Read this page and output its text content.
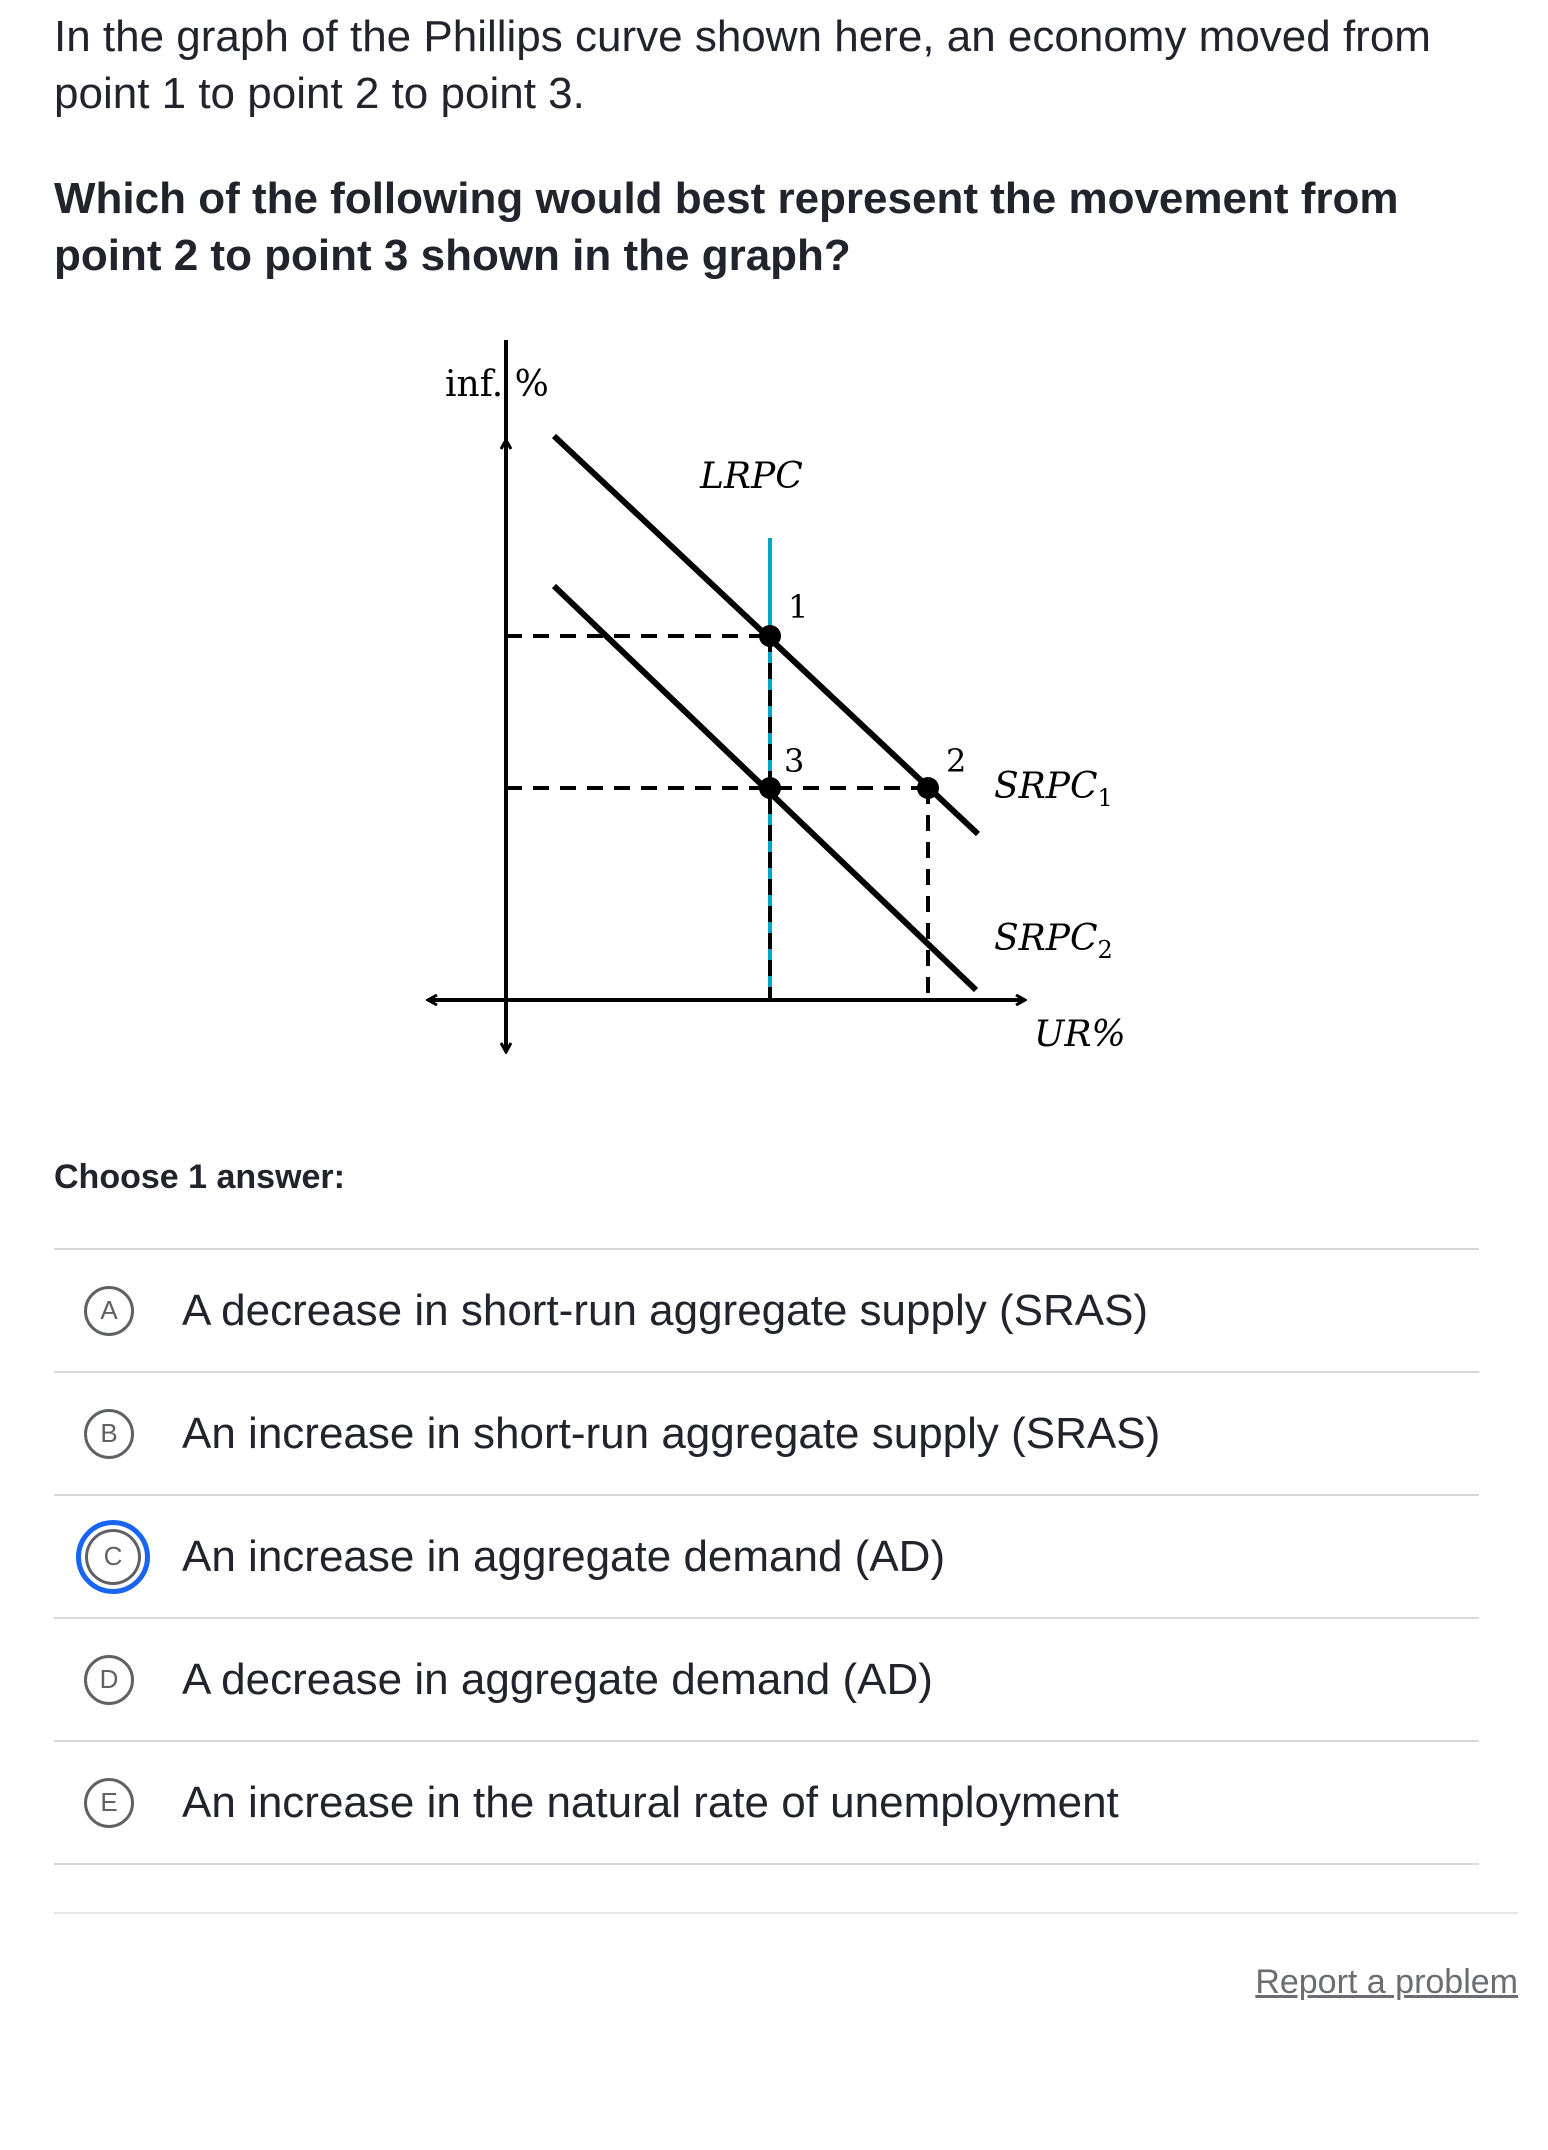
In the graph of the Phillips curve shown here, an economy moved from point 1 to point 2 to point 3.

Which of the following would best represent the movement from point 2 to point 3 shown in the graph?

inf. %
LRPC
1
2
3
$SRPC_1$
$SRPC_2$
UR%
Choose 1 answer:
A	A decrease in short-run aggregate supply (SRAS)
B	An increase in short-run aggregate supply (SRAS)
C	An increase in aggregate demand (AD)
D	A decrease in aggregate demand (AD)
E	An increase in the natural rate of unemployment
Report a problem
